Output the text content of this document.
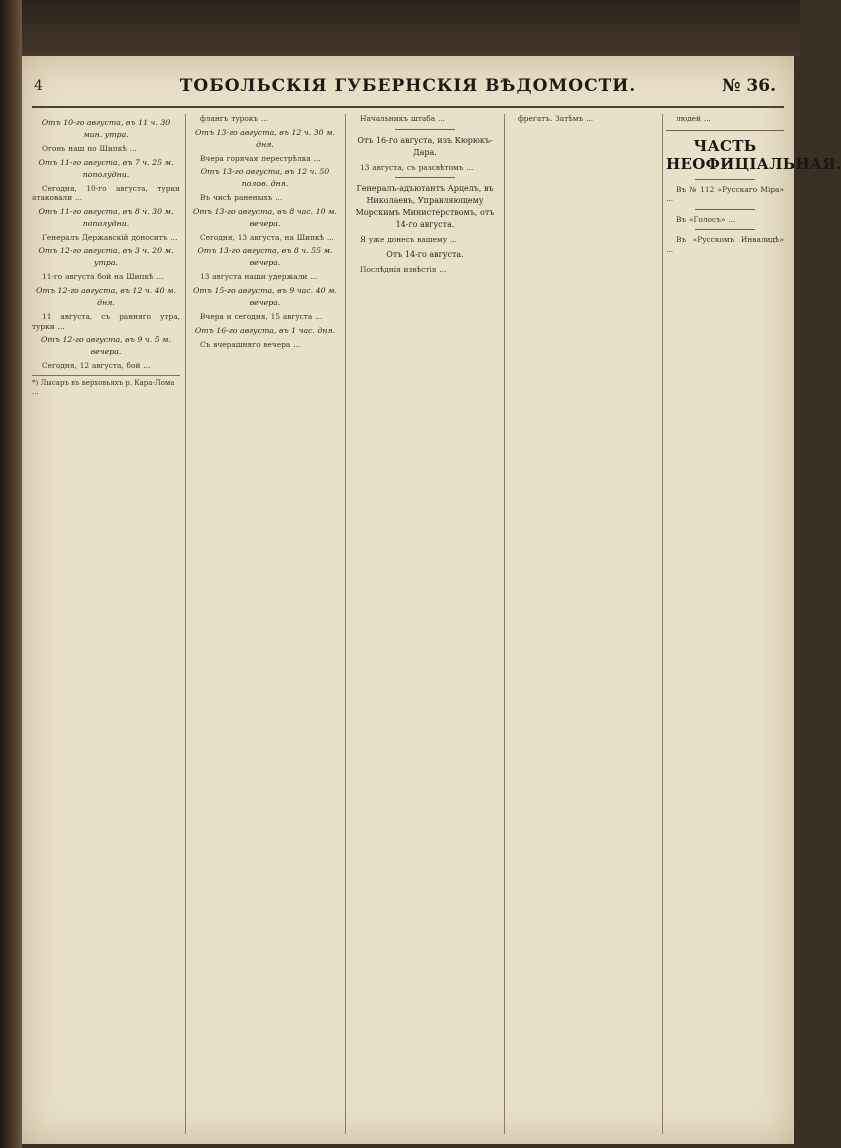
4	ТОБОЛЬСКІЯ ГУБЕРНСКІЯ ВѢДОМОСТИ.	№ 36.
Отъ 10-го августа, въ 11 ч. 30 мин. утра.

Огонь наш по Шипкѣ ...

Отъ 11-го августа, въ 7 ч. 25 м. пополудни.

Сегодня, 10-го августа, турки атаковали ...

Отъ 11-го августа, въ 8 ч. 30 м. пополудни.

Генералъ Державскій доноситъ ...

Отъ 12-го августа, въ 3 ч. 20 м. утра.

11-го августа бой на Шипкѣ ...

Отъ 12-го августа, въ 12 ч. 40 м. дня.

11 августа, съ ранняго утра, турки ...

Отъ 12-го августа, въ 9 ч. 5 м. вечера.

Сегодня, 12 августа, бой ...

*) Лысаръ въ верховьяхъ р. Кара-Лома ...

флангъ турокъ ...

Отъ 13-го августа, въ 12 ч. 30 м. дня.

Вчера горячая перестрѣлка ...

Отъ 13-го августа, въ 12 ч. 50 полов. дня.

Въ чисѣ раненыхъ ...

Отъ 13-го августа, въ 8 час. 10 м. вечера.

Сегодня, 13 августа, на Шипкѣ ...

Отъ 13-го августа, въ 8 ч. 55 м. вечера.

13 августа наши удержали ...

Отъ 15-го августа, въ 9 час. 40 м. вечера.

Вчера и сегодня, 15 августа ...

Отъ 16-го августа, въ 1 час. дня.

Съ вчерашняго вечера ...

Начальникъ штаба ...

Отъ 16-го августа, изъ Кюрюкъ-Дара.

13 августа, съ разсвѣтомъ ...

Генералъ-адъютантъ Арцелъ, въ Николаевъ, Управляющему Морскимъ Министерствомъ, отъ 14-го августа.

Я уже донесъ вашему ...

Отъ 14-го августа.

Послѣднія извѣстія ...

фрегатъ. Затѣмъ ...	людей ...

ЧАСТЬ НЕОФИЦІАЛЬНАЯ.

Въ № 112 «Русскаго Міра» ...

Въ «Голосъ» ...

Въ «Русскомъ Инвалидѣ» ...
